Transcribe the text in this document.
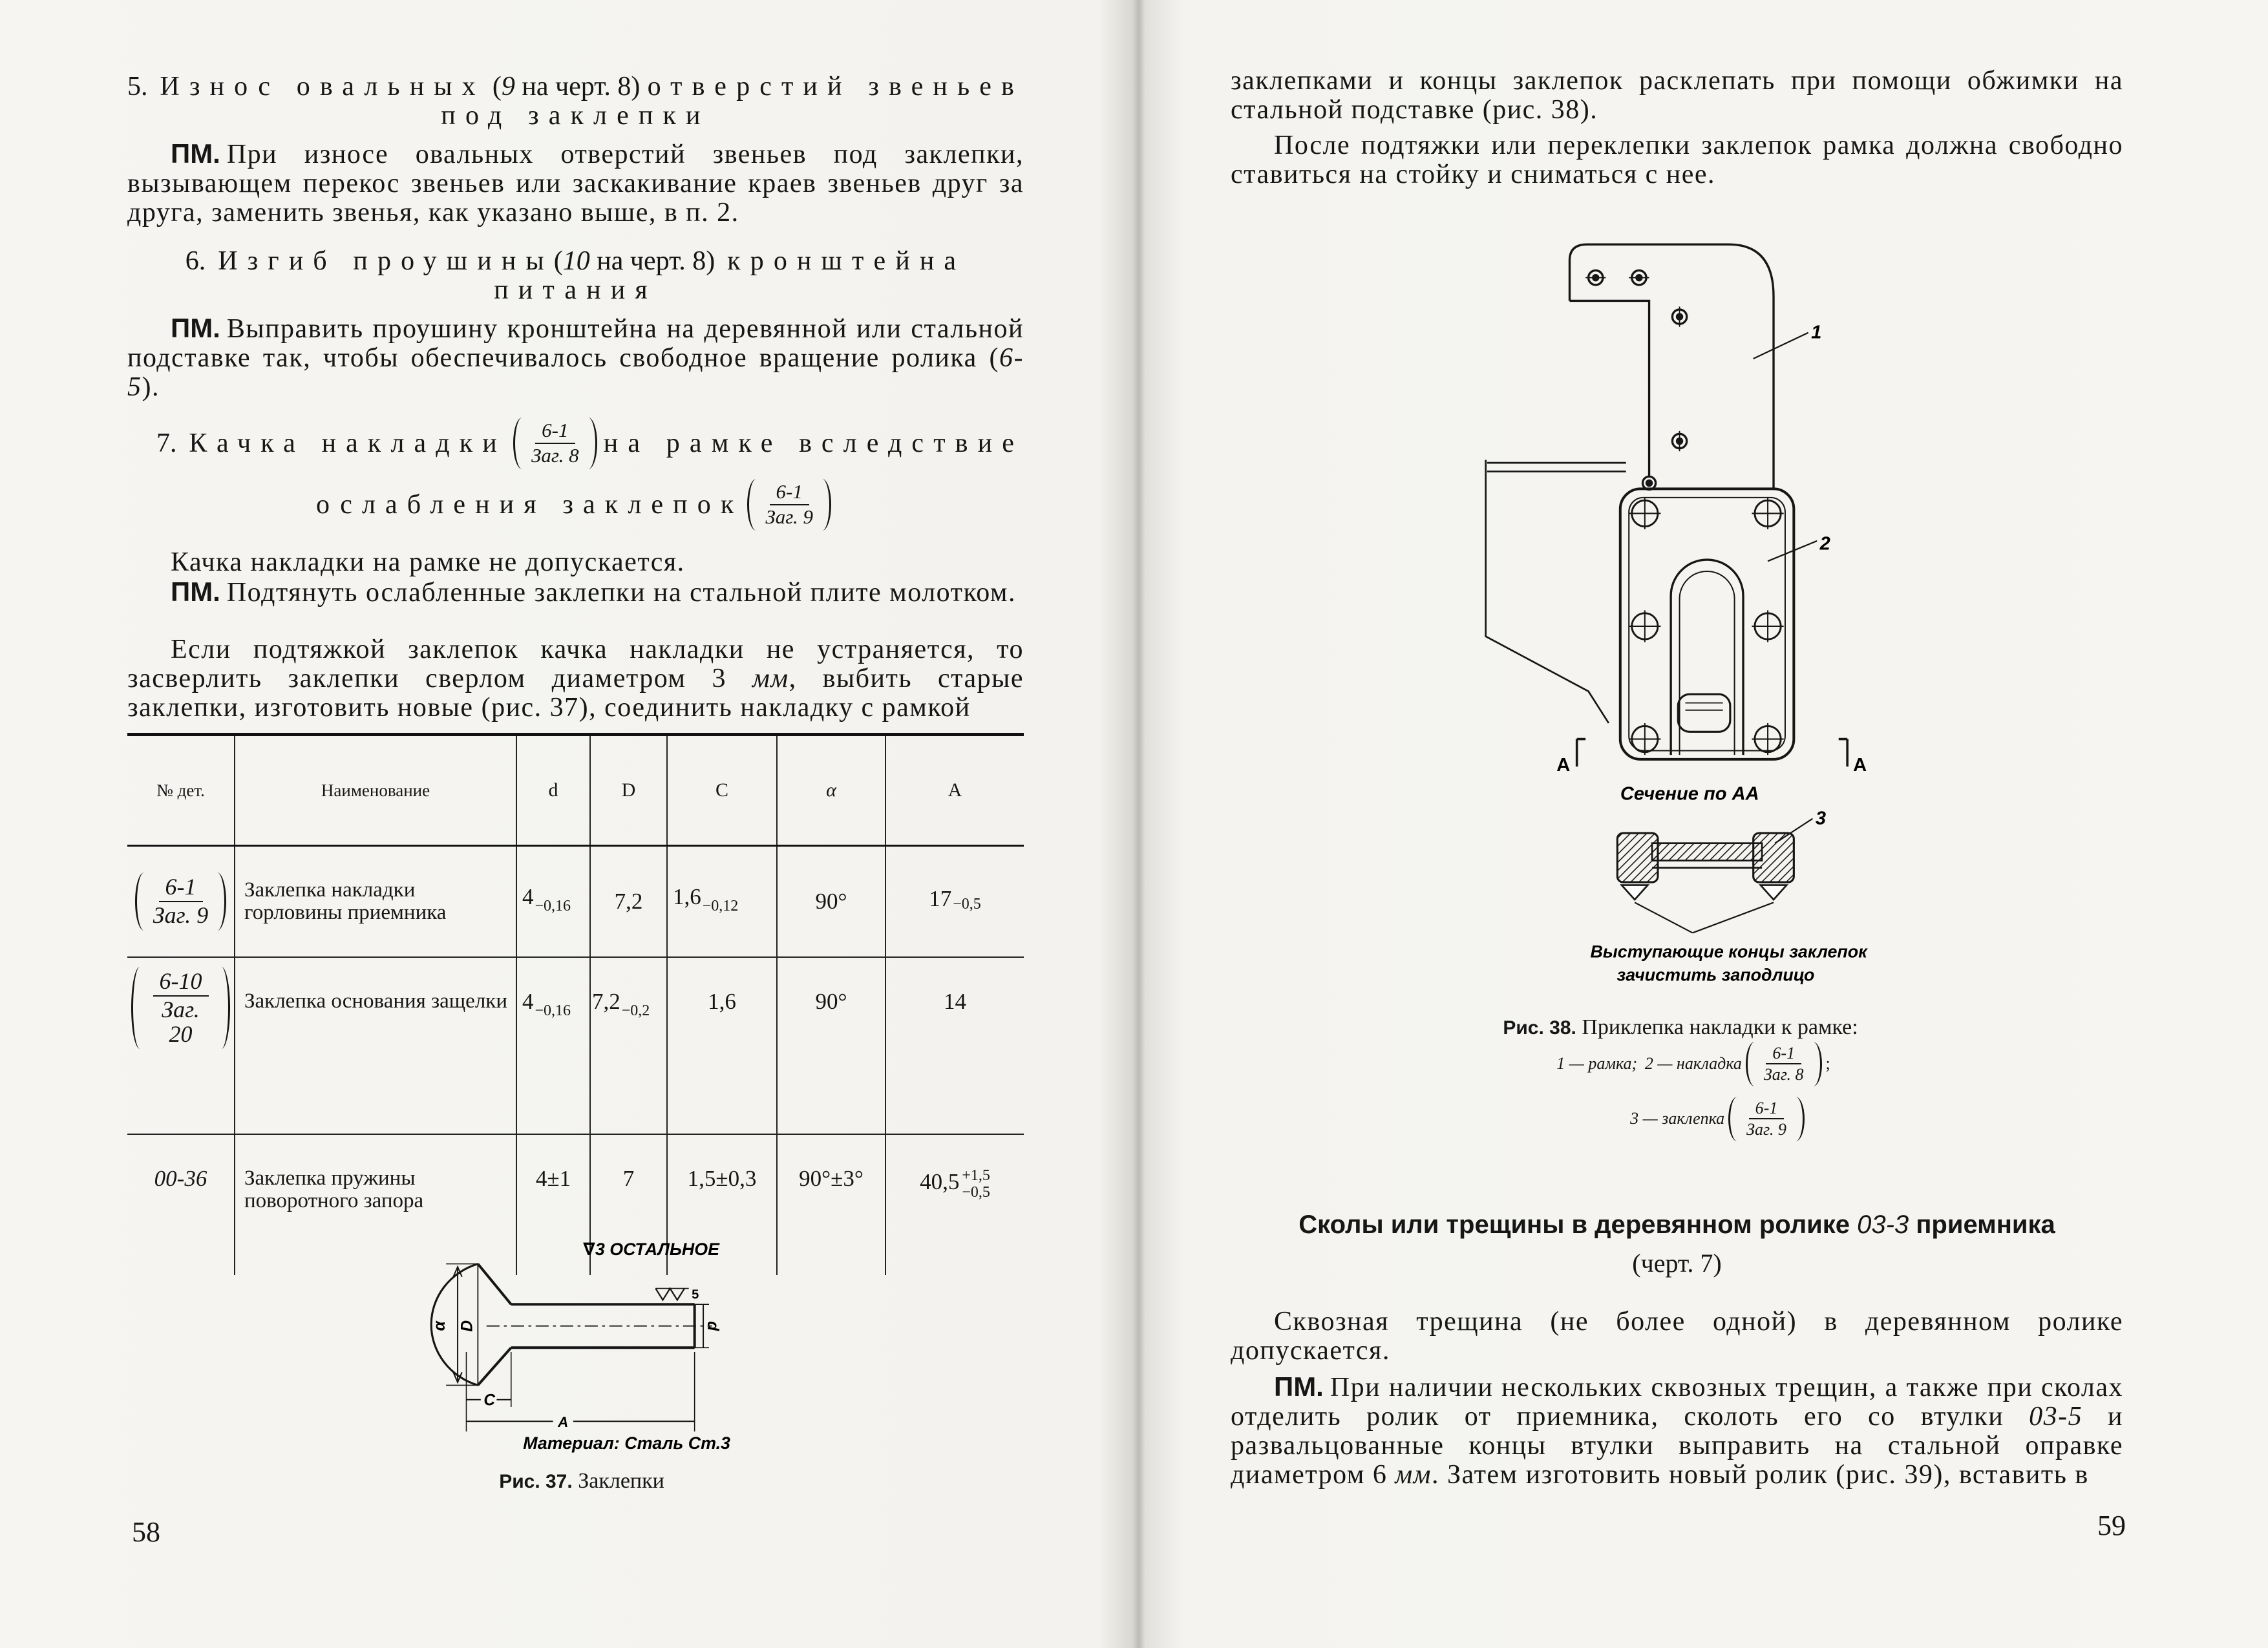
5. Износ овальных (9 на черт. 8) отверстий звеньев
под заклепки
ПМ. При износе овальных отверстий звеньев под заклепки, вызывающем перекос звеньев или заскакивание краев звеньев друг за друга, заменить звенья, как указано выше, в п. 2.
6. Изгиб проушины(10 на черт. 8) кронштейна
питания
ПМ. Выправить проушину кронштейна на деревянной или стальной подставке так, чтобы обеспечивалось свободное вращение ролика (6-5).
7. Качка накладки	6-1
Заг. 8 на рамке вследствие
ослабления заклепок	6-1
Заг. 9
Качка накладки на рамке не допускается.
ПМ. Подтянуть ослабленные заклепки на стальной плите молотком.
Если подтяжкой заклепок качка накладки не устраняется, то засверлить заклепки сверлом диаметром 3 мм, выбить старые заклепки, изготовить новые (рис. 37), соединить накладку с рамкой
№ дет.	Наименование	d	D	C	α	A

6-1
Заг. 9	Заклепка накладки горловины приемника	$4_{-0,16}$	7,2	$1,6_{-0,12}$	90°	17−0,5

6-10
Заг. 20	Заклепка основания защелки	$4_{-0,16}$	$7,2_{-0,2}$	1,6	90°	14
00-36	Заклепка пружины поворотного запора	4±1	7	1,5±0,3	90°±3°	40,5 +1,5
−0,5
∇3 ОСТАЛЬНОЕ
5
α D	d
C
A
Материал: Сталь Ст.3
Рис. 37. Заклепки
58
заклепками и концы заклепок расклепать при помощи обжимки на стальной подставке (рис. 38).
После подтяжки или переклепки заклепок рамка должна свободно ставиться на стойку и сниматься с нее.
1
2
3
А	А
Сечение по АА
Выступающие концы заклепок
зачистить заподлицо
Рис. 38. Приклепка накладки к рамке:
1 — рамка; 2 — накладка
6-1
Заг. 8
;
3 — заклепка
6-1
Заг. 9
Сколы или трещины в деревянном ролике 03-3 приемника
(черт. 7)
Сквозная трещина (не более одной) в деревянном ролике допускается.
ПМ. При наличии нескольких сквозных трещин, а также при сколах отделить ролик от приемника, сколоть его со втулки 03-5 и развальцованные концы втулки выправить на стальной оправке диаметром 6 мм. Затем изготовить новый ролик (рис. 39), вставить в
59
